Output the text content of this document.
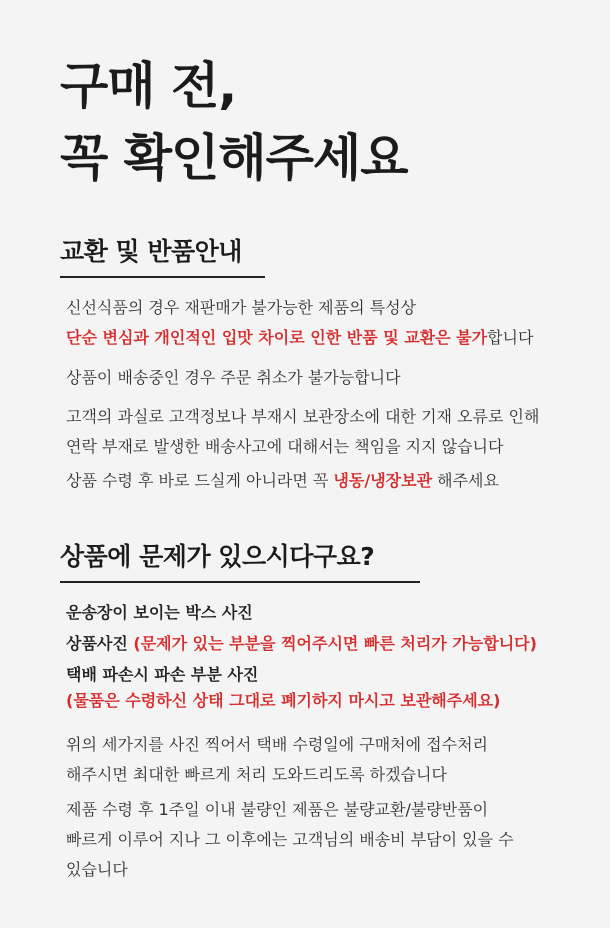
구매 전,
꼭 확인해주세요
교환 및 반품안내
신선식품의 경우 재판매가 불가능한 제품의 특성상
단순 변심과 개인적인 입맛 차이로 인한 반품 및 교환은 불가합니다
상품이 배송중인 경우 주문 취소가 불가능합니다
고객의 과실로 고객정보나 부재시 보관장소에 대한 기재 오류로 인해
연락 부재로 발생한 배송사고에 대해서는 책임을 지지 않습니다
상품 수령 후 바로 드실게 아니라면 꼭 냉동/냉장보관 해주세요
상품에 문제가 있으시다구요?
운송장이 보이는 박스 사진
상품사진 (문제가 있는 부분을 찍어주시면 빠른 처리가 가능합니다)
택배 파손시 파손 부분 사진
(물품은 수령하신 상태 그대로 폐기하지 마시고 보관해주세요)
위의 세가지를 사진 찍어서 택배 수령일에 구매처에 접수처리
해주시면 최대한 빠르게 처리 도와드리도록 하겠습니다
제품 수령 후 1주일 이내 불량인 제품은 불량교환/불량반품이
빠르게 이루어 지나 그 이후에는 고객님의 배송비 부담이 있을 수
있습니다
